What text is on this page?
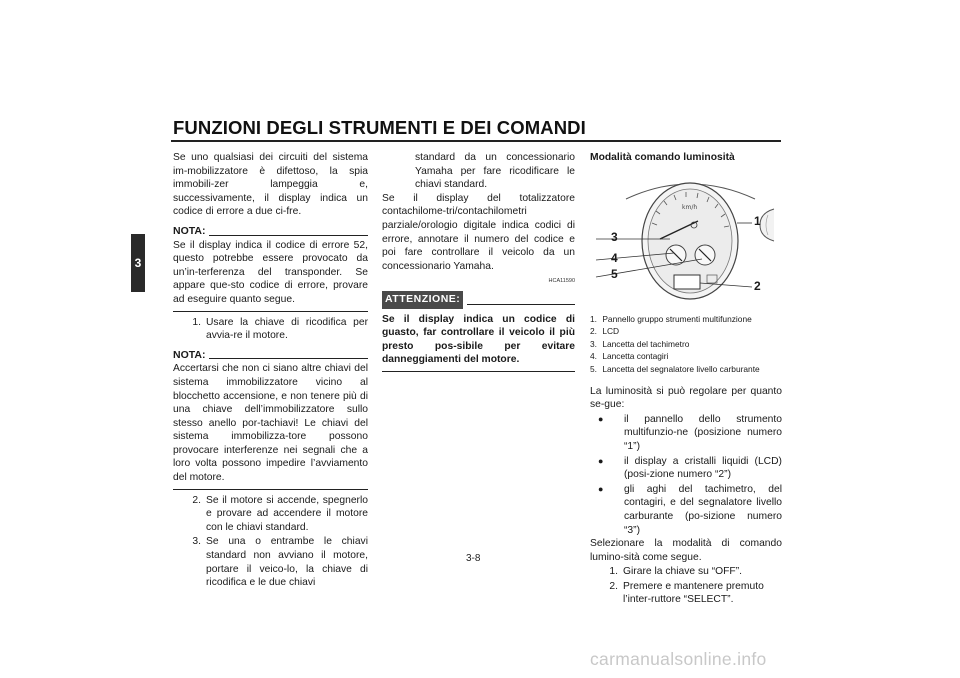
FUNZIONI DEGLI STRUMENTI E DEI COMANDI
3

Se uno qualsiasi dei circuiti del sistema im-mobilizzatore è difettoso, la spia immobili-zer lampeggia e, successivamente, il display indica un codice di errore a due ci-fre.

NOTA:

Se il display indica il codice di errore 52, questo potrebbe essere provocato da un’in-terferenza del transponder. Se appare que-sto codice di errore, provare ad eseguire quanto segue.

1. Usare la chiave di ricodifica per avvia-re il motore.
NOTA:

Accertarsi che non ci siano altre chiavi del sistema immobilizzatore vicino al blocchetto accensione, e non tenere più di una chiave dell’immobilizzatore sullo stesso anello por-tachiavi! Le chiavi del sistema immobilizza-tore possono provocare interferenze nei segnali che a loro volta possono impedire l’avviamento del motore.

2. Se il motore si accende, spegnerlo e provare ad accendere il motore con le chiavi standard.
3. Se una o entrambe le chiavi standard non avviano il motore, portare il veico-lo, la chiave di ricodifica e le due chiavi

standard da un concessionario Yamaha per fare ricodificare le chiavi standard.

Se il display del totalizzatore contachilome-tri/contachilometri parziale/orologio digitale indica codici di errore, annotare il numero del codice e poi fare controllare il veicolo da un concessionario Yamaha.

HCA11590
ATTENZIONE:

Se il display indica un codice di guasto, far controllare il veicolo il più presto pos-sibile per evitare danneggiamenti del motore.

Modalità comando luminosità
km/h
3
4
5
1
2
1.
Pannello gruppo strumenti multifunzione
2.
LCD
3.
Lancetta del tachimetro
4.
Lancetta contagiri
5.
Lancetta del segnalatore livello carburante

La luminosità si può regolare per quanto se-gue:

●	il pannello dello strumento multifunzio-ne (posizione numero “1”)
●	il display a cristalli liquidi (LCD) (posi-zione numero “2”)
●	gli aghi del tachimetro, del contagiri, e del segnalatore livello carburante (po-sizione numero “3”)

Selezionare la modalità di comando lumino-sità come segue.

1. Girare la chiave su “OFF”.
2. Premere e mantenere premuto l’inter-ruttore “SELECT”.
3-8
carmanualsonline.info
